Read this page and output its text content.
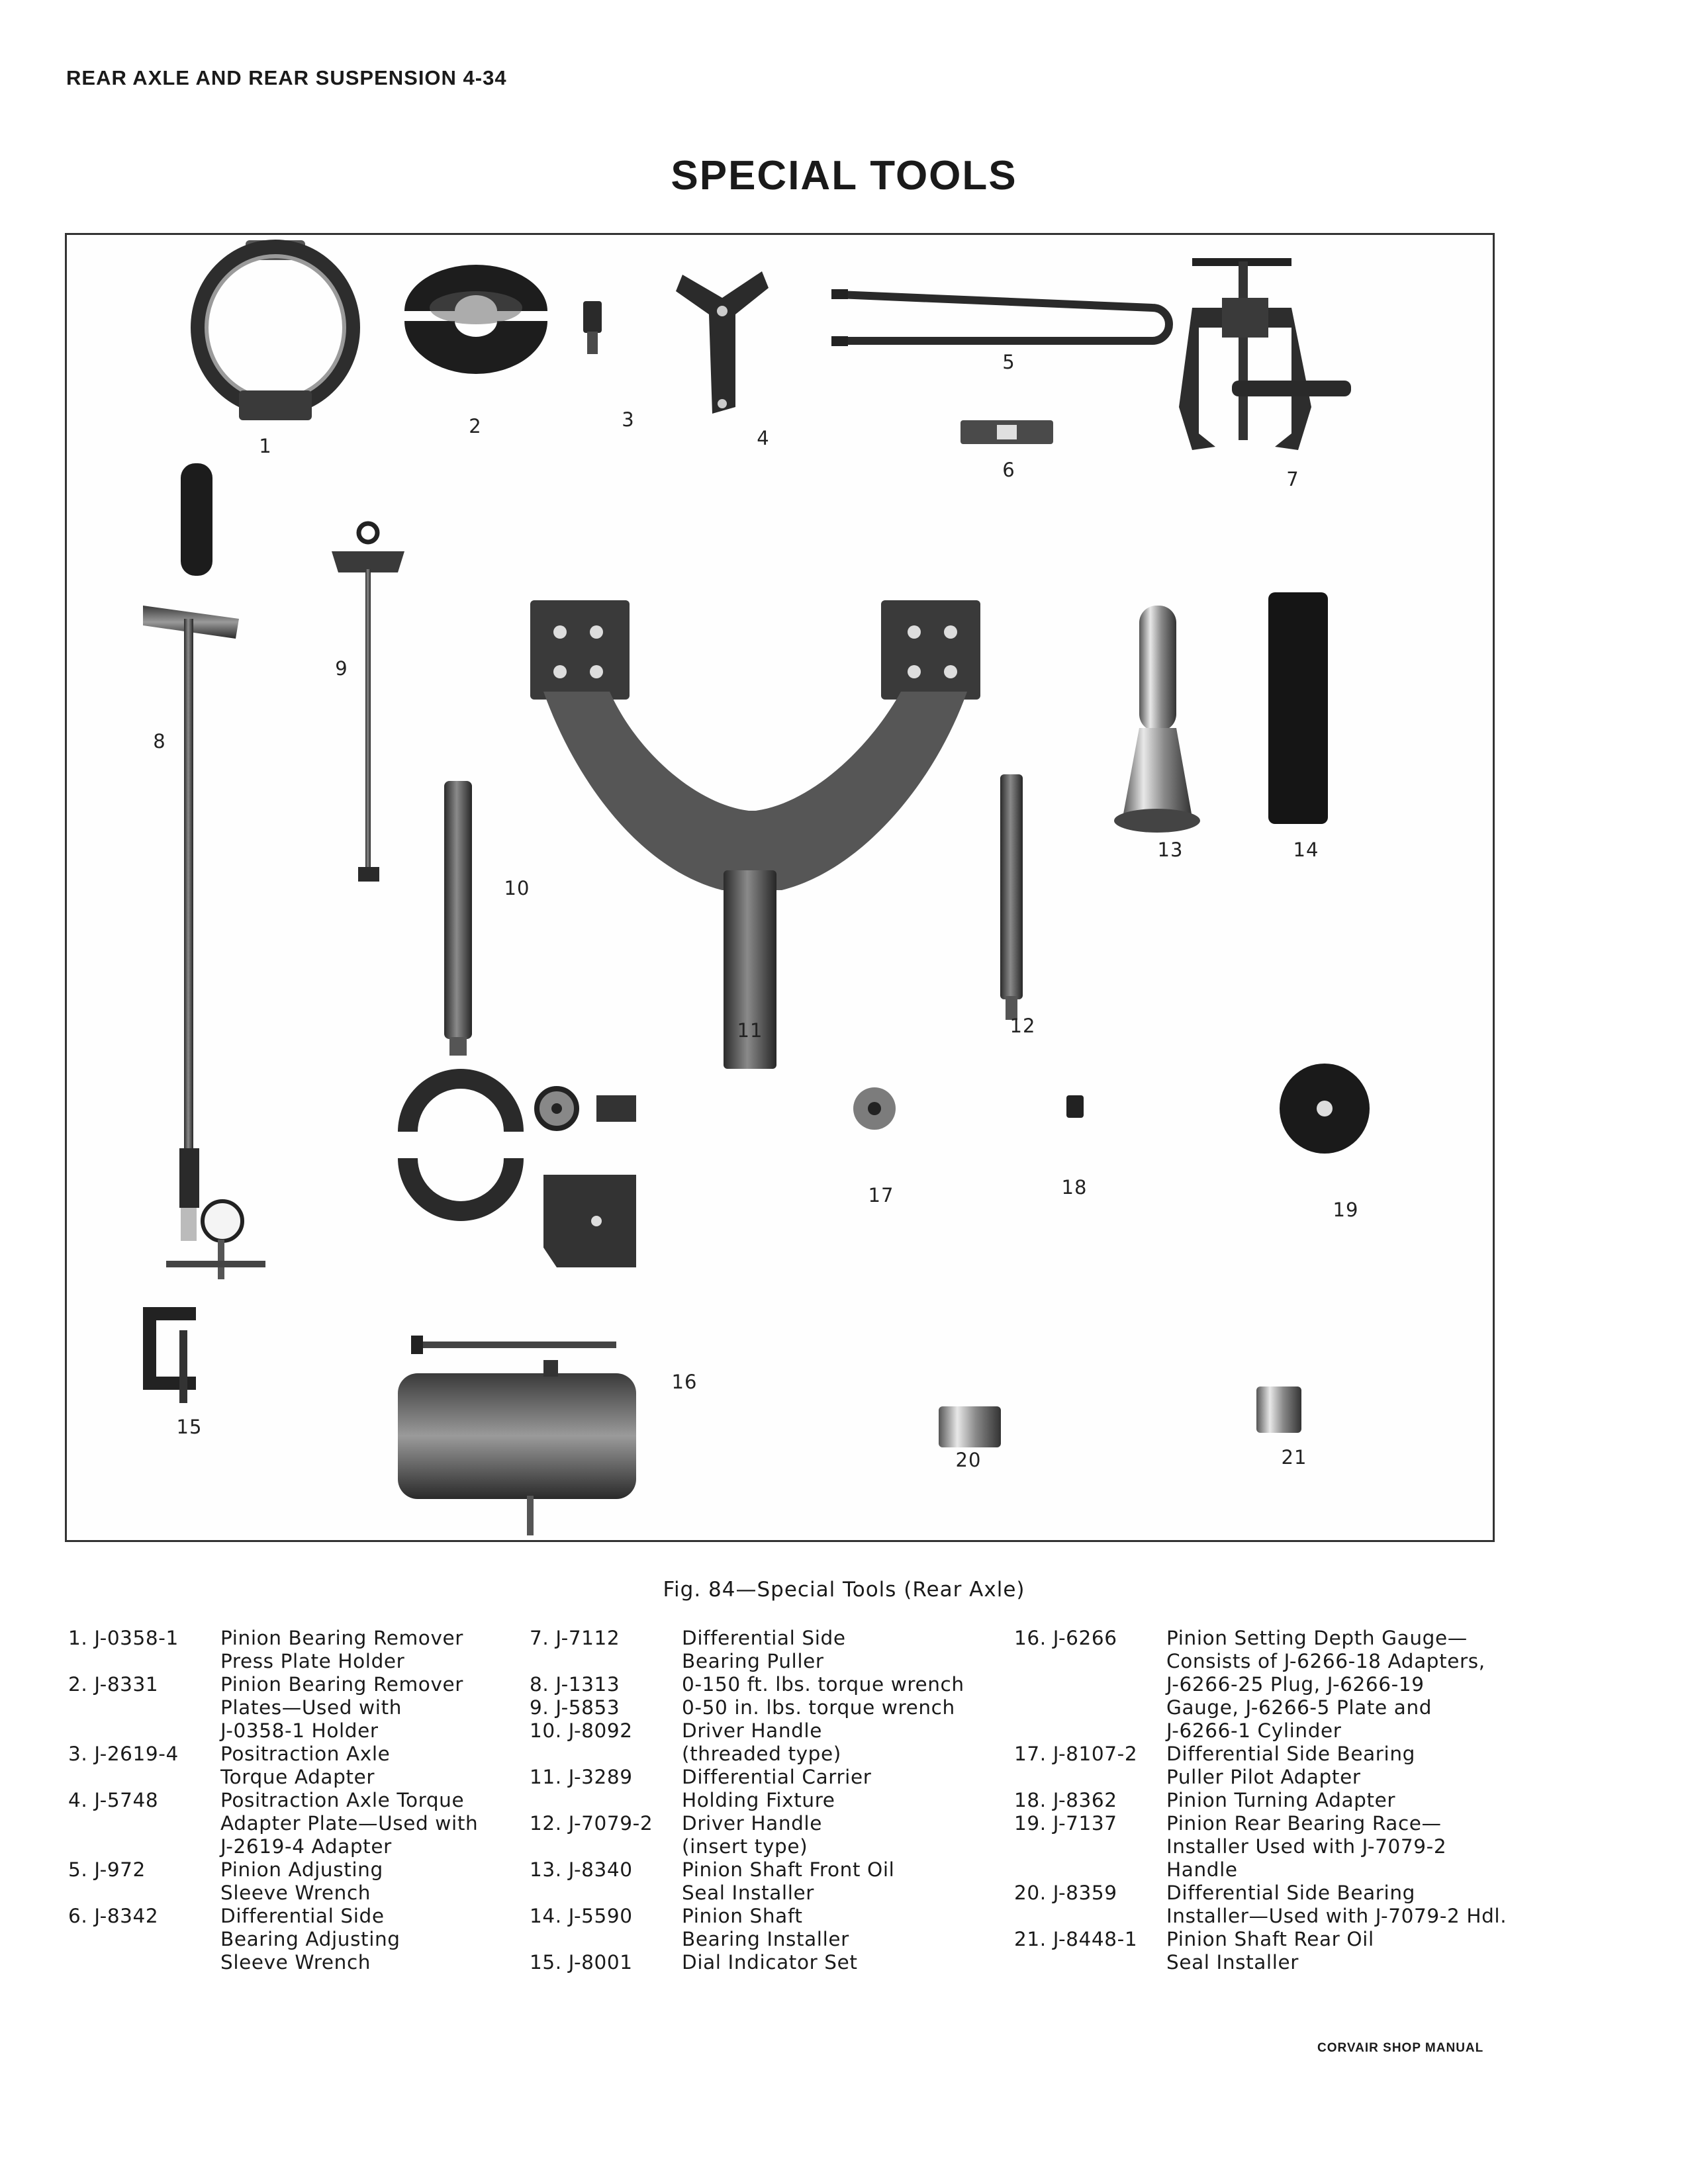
REAR AXLE AND REAR SUSPENSION 4-34
SPECIAL TOOLS
1
2	3
4
5
6	7
8
9
10
11	12
13	14
15
16
17	18
19
20	21
Fig. 84—Special Tools (Rear Axle)
1. J-0358-1	Pinion Bearing Remover
Press Plate Holder
2. J-8331	Pinion Bearing Remover
Plates—Used with
J-0358-1 Holder
3. J-2619-4	Positraction Axle
Torque Adapter
4. J-5748	Positraction Axle Torque
Adapter Plate—Used with
J-2619-4 Adapter
5. J-972	Pinion Adjusting
Sleeve Wrench
6. J-8342	Differential Side
Bearing Adjusting
Sleeve Wrench
7. J-7112	Differential Side
Bearing Puller
8. J-1313	0-150 ft. lbs. torque wrench
9. J-5853	0-50 in. lbs. torque wrench
10. J-8092	Driver Handle
(threaded type)
11. J-3289	Differential Carrier
Holding Fixture
12. J-7079-2	Driver Handle
(insert type)
13. J-8340	Pinion Shaft Front Oil
Seal Installer
14. J-5590	Pinion Shaft
Bearing Installer
15. J-8001	Dial Indicator Set
16. J-6266	Pinion Setting Depth Gauge—
Consists of J-6266-18 Adapters,
J-6266-25 Plug, J-6266-19
Gauge, J-6266-5 Plate and
J-6266-1 Cylinder
17. J-8107-2	Differential Side Bearing
Puller Pilot Adapter
18. J-8362	Pinion Turning Adapter
19. J-7137	Pinion Rear Bearing Race—
Installer Used with J-7079-2
Handle
20. J-8359	Differential Side Bearing
Installer—Used with J-7079-2 Hdl.
21. J-8448-1	Pinion Shaft Rear Oil
Seal Installer
CORVAIR SHOP MANUAL
